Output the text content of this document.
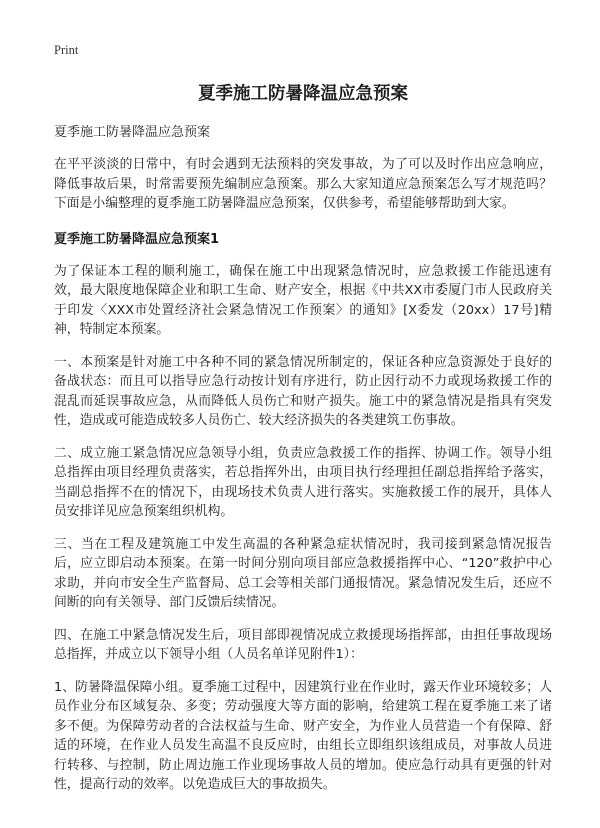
Print

夏季施工防暑降温应急预案

夏季施工防暑降温应急预案

在平平淡淡的日常中，有时会遇到无法预料的突发事故，为了可以及时作出应急响应，降低事故后果，时常需要预先编制应急预案。那么大家知道应急预案怎么写才规范吗？下面是小编整理的夏季施工防暑降温应急预案，仅供参考，希望能够帮助到大家。

夏季施工防暑降温应急预案1

为了保证本工程的顺利施工，确保在施工中出现紧急情况时，应急救援工作能迅速有效，最大限度地保障企业和职工生命、财产安全，根据《中共XX市委厦门市人民政府关于印发〈XXX市处置经济社会紧急情况工作预案〉的通知》[X委发（20xx）17号]精神，特制定本预案。

一、本预案是针对施工中各种不同的紧急情况所制定的，保证各种应急资源处于良好的备战状态：而且可以指导应急行动按计划有序进行，防止因行动不力或现场救援工作的混乱而延误事故应急，从而降低人员伤亡和财产损失。施工中的紧急情况是指具有突发性，造成或可能造成较多人员伤亡、较大经济损失的各类建筑工伤事故。

二、成立施工紧急情况应急领导小组，负责应急救援工作的指挥、协调工作。领导小组总指挥由项目经理负责落实，若总指挥外出，由项目执行经理担任副总指挥给予落实，当副总指挥不在的情况下，由现场技术负责人进行落实。实施救援工作的展开，具体人员安排详见应急预案组织机构。

三、当在工程及建筑施工中发生高温的各种紧急症状情况时，我司接到紧急情况报告后，应立即启动本预案。在第一时间分别向项目部应急救援指挥中心、“120”救护中心求助，并向市安全生产监督局、总工会等相关部门通报情况。紧急情况发生后，还应不间断的向有关领导、部门反馈后续情况。

四、在施工中紧急情况发生后，项目部即视情况成立救援现场指挥部，由担任事故现场总指挥，并成立以下领导小组（人员名单详见附件1）：

1、防暑降温保障小组。夏季施工过程中，因建筑行业在作业时，露天作业环境较多；人员作业分布区域复杂、多变；劳动强度大等方面的影响，给建筑工程在夏季施工来了诸多不便。为保障劳动者的合法权益与生命、财产安全，为作业人员营造一个有保障、舒适的环境，在作业人员发生高温不良反应时，由组长立即组织该组成员，对事故人员进行转移、与控制，防止周边施工作业现场事故人员的增加。使应急行动具有更强的针对性，提高行动的效率。以免造成巨大的事故损失。
